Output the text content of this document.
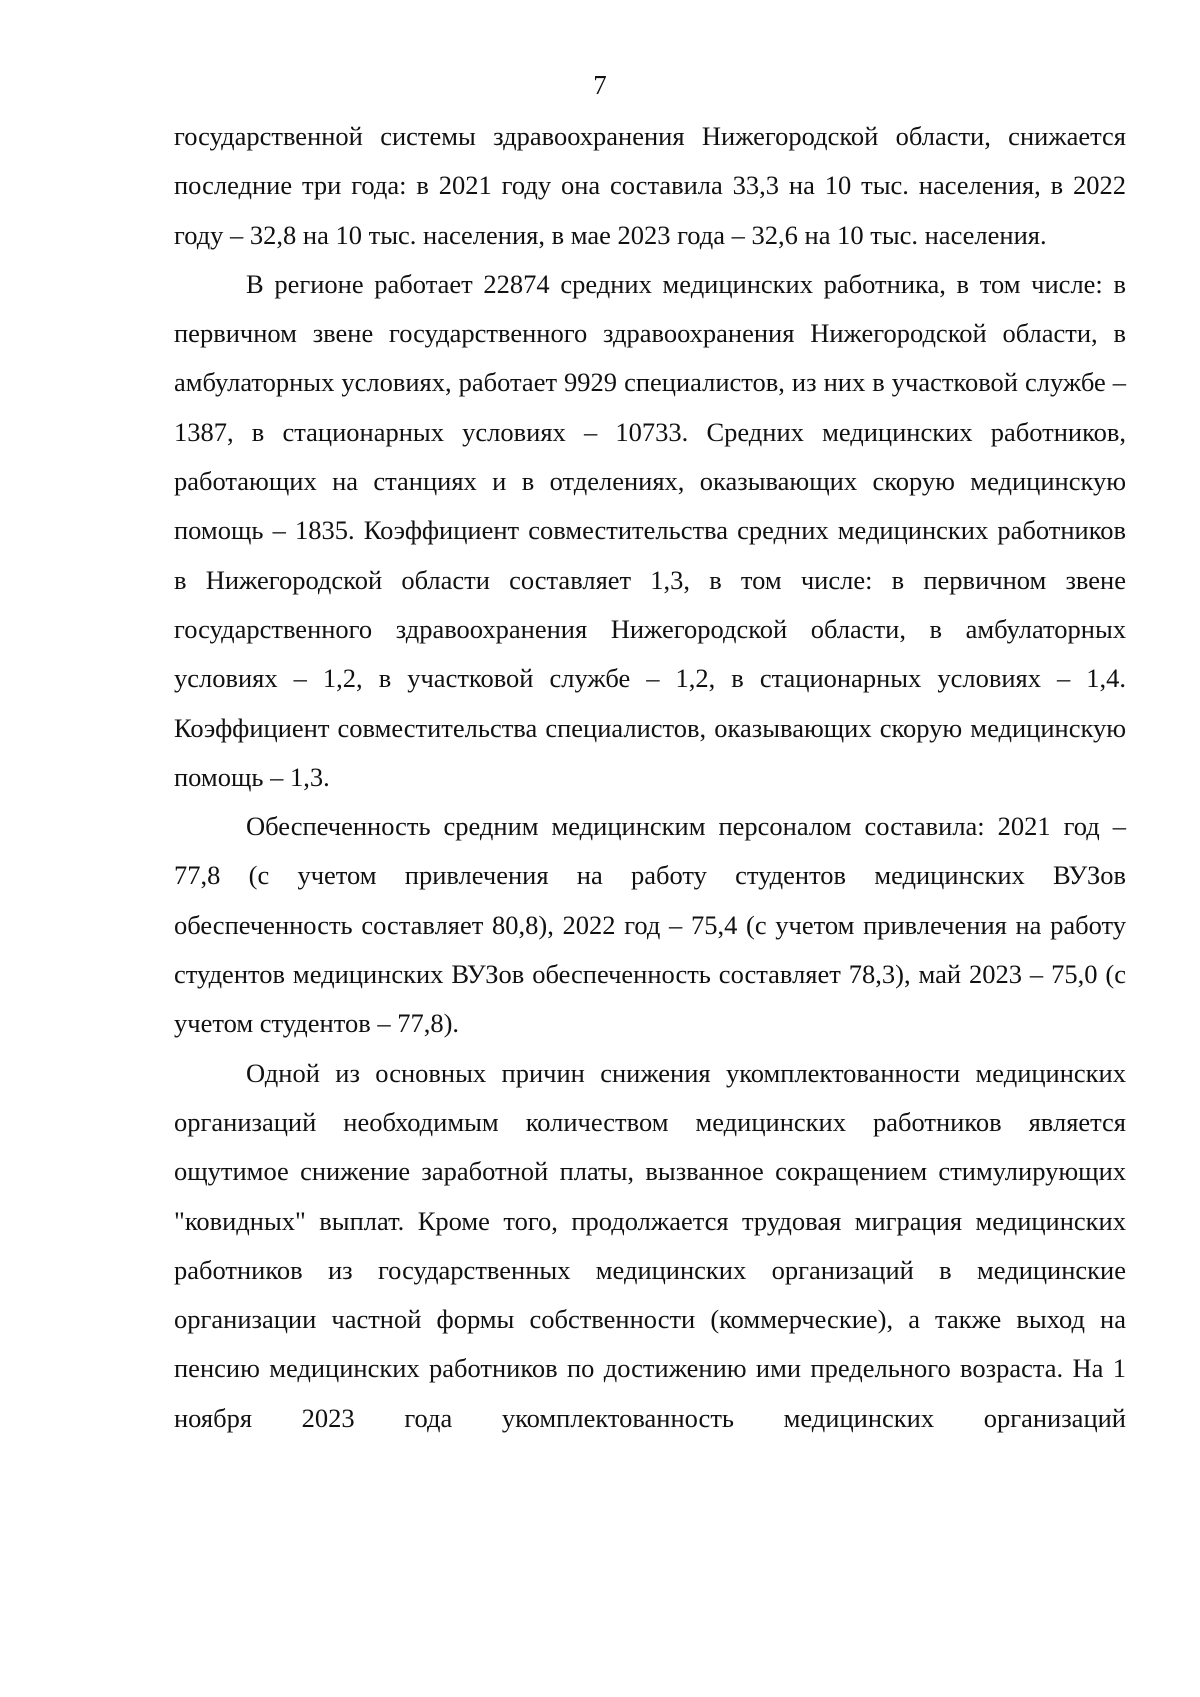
7

государственной системы здравоохранения Нижегородской области, снижается последние три года: в 2021 году она составила 33,3 на 10 тыс. населения, в 2022 году – 32,8 на 10 тыс. населения, в мае 2023 года – 32,6 на 10 тыс. населения.

В регионе работает 22874 средних медицинских работника, в том числе: в первичном звене государственного здравоохранения Нижегородской области, в амбулаторных условиях, работает 9929 специалистов, из них в участковой службе – 1387, в стационарных условиях – 10733. Средних медицинских работников, работающих на станциях и в отделениях, оказывающих скорую медицинскую помощь – 1835. Коэффициент совместительства средних медицинских работников в Нижегородской области составляет 1,3, в том числе: в первичном звене государственного здравоохранения Нижегородской области, в амбулаторных условиях – 1,2, в участковой службе – 1,2, в стационарных условиях – 1,4. Коэффициент совместительства специалистов, оказывающих скорую медицинскую помощь – 1,3.

Обеспеченность средним медицинским персоналом составила: 2021 год – 77,8 (с учетом привлечения на работу студентов медицинских ВУЗов обеспеченность составляет 80,8), 2022 год – 75,4 (с учетом привлечения на работу студентов медицинских ВУЗов обеспеченность составляет 78,3), май 2023 – 75,0 (с учетом студентов – 77,8).

Одной из основных причин снижения укомплектованности медицинских организаций необходимым количеством медицинских работников является ощутимое снижение заработной платы, вызванное сокращением стимулирующих "ковидных" выплат. Кроме того, продолжается трудовая миграция медицинских работников из государственных медицинских организаций в медицинские организации частной формы собственности (коммерческие), а также выход на пенсию медицинских работников по достижению ими предельного возраста. На 1 ноября 2023 года укомплектованность медицинских организаций
